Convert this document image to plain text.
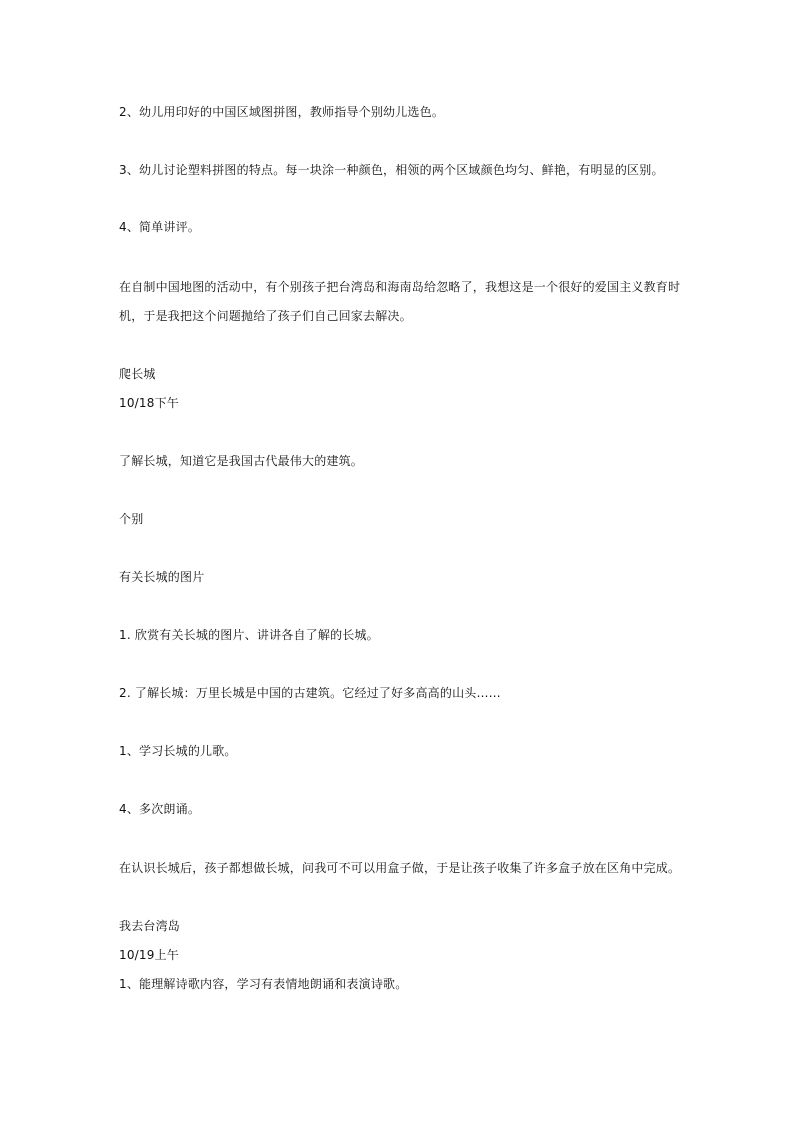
2、幼儿用印好的中国区域图拼图，教师指导个别幼儿选色。
3、幼儿讨论塑料拼图的特点。每一块涂一种颜色，相领的两个区域颜色均匀、鲜艳，有明显的区别。
4、简单讲评。
在自制中国地图的活动中，有个别孩子把台湾岛和海南岛给忽略了，我想这是一个很好的爱国主义教育时
机，于是我把这个问题抛给了孩子们自己回家去解决。
爬长城
10/18下午
了解长城，知道它是我国古代最伟大的建筑。
个别
有关长城的图片
1. 欣赏有关长城的图片、讲讲各自了解的长城。
2. 了解长城：万里长城是中国的古建筑。它经过了好多高高的山头……
1、学习长城的儿歌。
4、多次朗诵。
在认识长城后，孩子都想做长城，问我可不可以用盒子做，于是让孩子收集了许多盒子放在区角中完成。
我去台湾岛
10/19上午
1、能理解诗歌内容，学习有表情地朗诵和表演诗歌。
